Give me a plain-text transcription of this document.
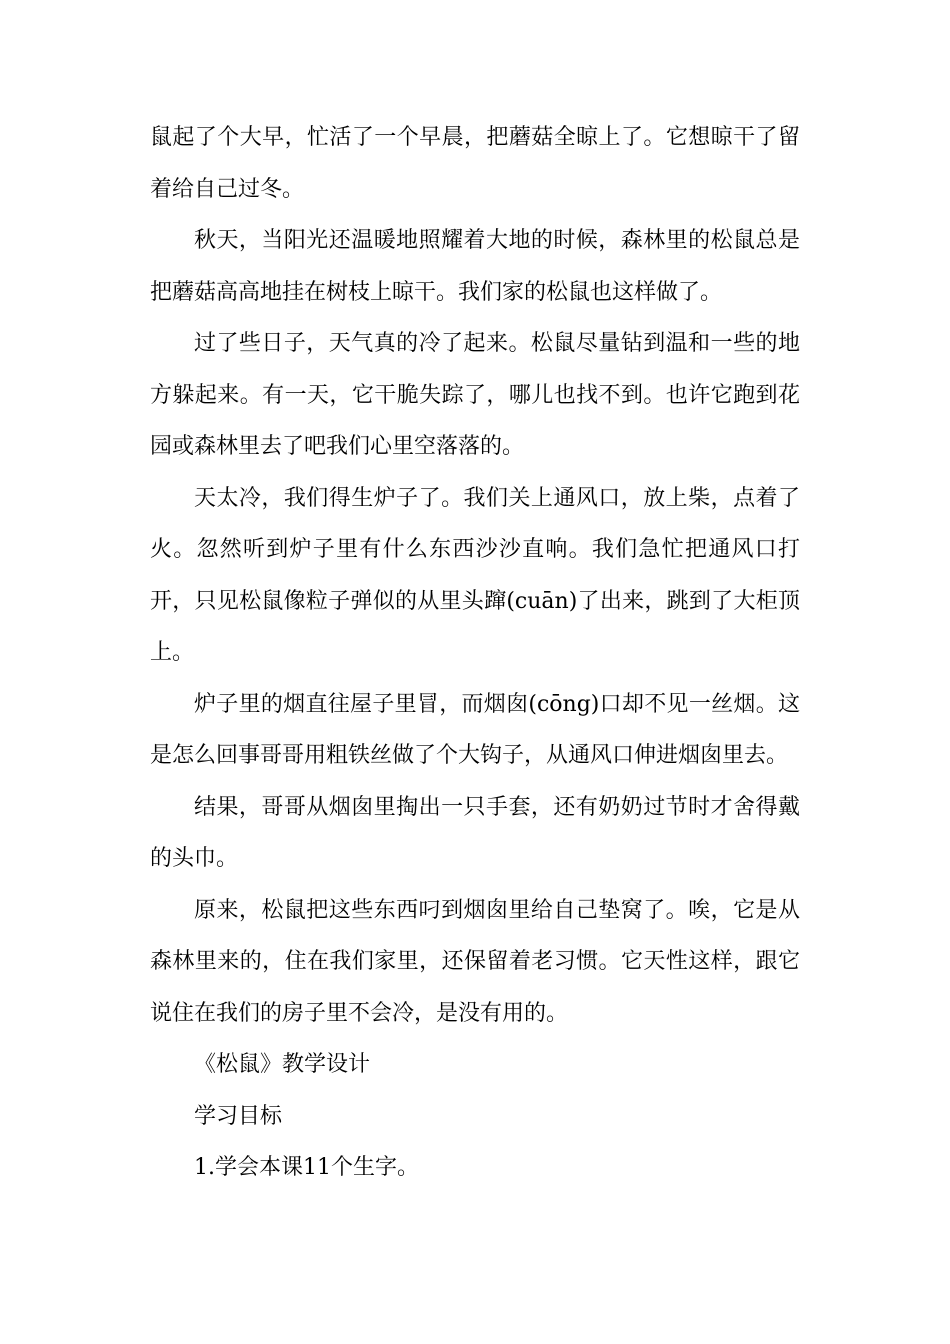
鼠起了个大早，忙活了一个早晨，把蘑菇全晾上了。它想晾干了留着给自己过冬。

秋天，当阳光还温暖地照耀着大地的时候，森林里的松鼠总是把蘑菇高高地挂在树枝上晾干。我们家的松鼠也这样做了。

过了些日子，天气真的冷了起来。松鼠尽量钻到温和一些的地方躲起来。有一天，它干脆失踪了，哪儿也找不到。也许它跑到花园或森林里去了吧我们心里空落落的。

天太冷，我们得生炉子了。我们关上通风口，放上柴，点着了火。忽然听到炉子里有什么东西沙沙直响。我们急忙把通风口打开，只见松鼠像粒子弹似的从里头蹿(cuān)了出来，跳到了大柜顶上。

炉子里的烟直往屋子里冒，而烟囱(cōng)口却不见一丝烟。这是怎么回事哥哥用粗铁丝做了个大钩子，从通风口伸进烟囱里去。

结果，哥哥从烟囱里掏出一只手套，还有奶奶过节时才舍得戴的头巾。

原来，松鼠把这些东西叼到烟囱里给自己垫窝了。唉，它是从森林里来的，住在我们家里，还保留着老习惯。它天性这样，跟它说住在我们的房子里不会冷，是没有用的。

《松鼠》教学设计

学习目标

1.学会本课11个生字。
